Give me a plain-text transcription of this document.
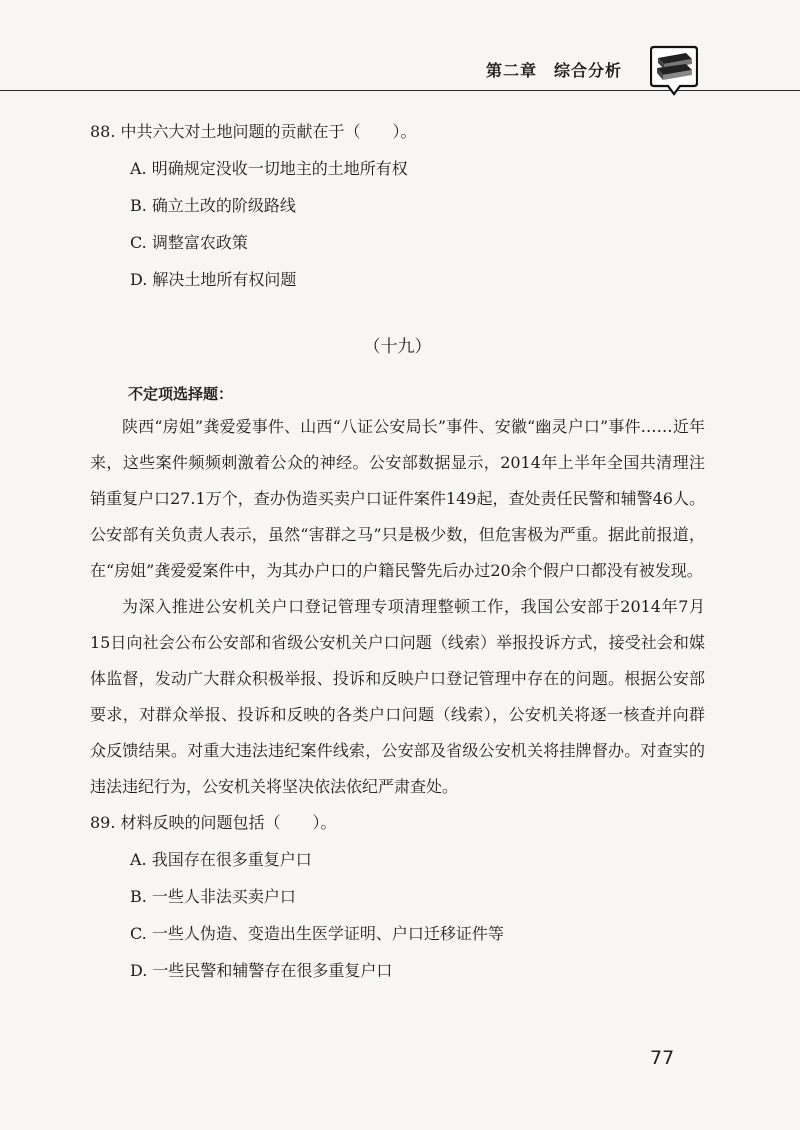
第二章　综合分析
88. 中共六大对土地问题的贡献在于（　　）。
A. 明确规定没收一切地主的土地所有权
B. 确立土改的阶级路线
C. 调整富农政策
D. 解决土地所有权问题
（十九）
不定项选择题：

陕西“房姐”龚爱爱事件、山西“八证公安局长”事件、安徽“幽灵户口”事件……近年来，这些案件频频刺激着公众的神经。公安部数据显示，2014年上半年全国共清理注销重复户口27.1万个，查办伪造买卖户口证件案件149起，查处责任民警和辅警46人。公安部有关负责人表示，虽然“害群之马”只是极少数，但危害极为严重。据此前报道，在“房姐”龚爱爱案件中，为其办户口的户籍民警先后办过20余个假户口都没有被发现。

为深入推进公安机关户口登记管理专项清理整顿工作，我国公安部于2014年7月15日向社会公布公安部和省级公安机关户口问题（线索）举报投诉方式，接受社会和媒体监督，发动广大群众积极举报、投诉和反映户口登记管理中存在的问题。根据公安部要求，对群众举报、投诉和反映的各类户口问题（线索），公安机关将逐一核查并向群众反馈结果。对重大违法违纪案件线索，公安部及省级公安机关将挂牌督办。对查实的违法违纪行为，公安机关将坚决依法依纪严肃查处。

89. 材料反映的问题包括（　　）。
A. 我国存在很多重复户口
B. 一些人非法买卖户口
C. 一些人伪造、变造出生医学证明、户口迁移证件等
D. 一些民警和辅警存在很多重复户口
77
